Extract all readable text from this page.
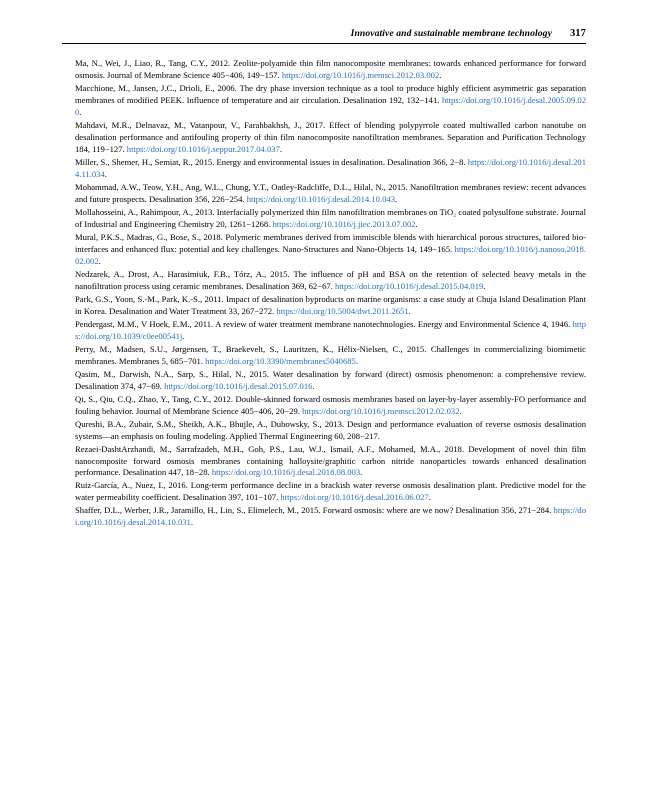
Innovative and sustainable membrane technology 317

Ma, N., Wei, J., Liao, R., Tang, C.Y., 2012. Zeolite-polyamide thin film nanocomposite membranes: towards enhanced performance for forward osmosis. Journal of Membrane Science 405−406, 149−157. https://doi.org/10.1016/j.memsci.2012.03.002.

Macchione, M., Jansen, J.C., Drioli, E., 2006. The dry phase inversion technique as a tool to produce highly efficient asymmetric gas separation membranes of modified PEEK. Influence of temperature and air circulation. Desalination 192, 132−141. https://doi.org/10.1016/j.desal.2005.09.020.

Mahdavi, M.R., Delnavaz, M., Vatanpour, V., Farahbakhsh, J., 2017. Effect of blending polypyrrole coated multiwalled carbon nanotube on desalination performance and antifouling property of thin film nanocomposite nanofiltration membranes. Separation and Purification Technology 184, 119−127. https://doi.org/10.1016/j.seppur.2017.04.037.

Miller, S., Shemer, H., Semiat, R., 2015. Energy and environmental issues in desalination. Desalination 366, 2−8. https://doi.org/10.1016/j.desal.2014.11.034.

Mohammad, A.W., Teow, Y.H., Ang, W.L., Chung, Y.T., Oatley-Radcliffe, D.L., Hilal, N., 2015. Nanofiltration membranes review: recent advances and future prospects. Desalination 356, 226−254. https://doi.org/10.1016/j.desal.2014.10.043.

Mollahosseini, A., Rahimpour, A., 2013. Interfacially polymerized thin film nanofiltration membranes on TiO₂ coated polysulfone substrate. Journal of Industrial and Engineering Chemistry 20, 1261−1268. https://doi.org/10.1016/j.jiec.2013.07.002.

Mural, P.K.S., Madras, G., Bose, S., 2018. Polymeric membranes derived from immiscible blends with hierarchical porous structures, tailored bio-interfaces and enhanced flux: potential and key challenges. Nano-Structures and Nano-Objects 14, 149−165. https://doi.org/10.1016/j.nanoso.2018.02.002.

Nedzarek, A., Drost, A., Harasimiuk, F.B., Tórz, A., 2015. The influence of pH and BSA on the retention of selected heavy metals in the nanofiltration process using ceramic membranes. Desalination 369, 62−67. https://doi.org/10.1016/j.desal.2015.04.019.

Park, G.S., Yoon, S.-M., Park, K.-S., 2011. Impact of desalination byproducts on marine organisms: a case study at Chuja Island Desalination Plant in Korea. Desalination and Water Treatment 33, 267−272. https://doi.org/10.5004/dwt.2011.2651.

Pendergast, M.M., V Hoek, E.M., 2011. A review of water treatment membrane nanotechnologies. Energy and Environmental Science 4, 1946. https://doi.org/10.1039/c0ee00541j.

Perry, M., Madsen, S.U., Jørgensen, T., Braekevelt, S., Lauritzen, K., Hélix-Nielsen, C., 2015. Challenges in commercializing biomimetic membranes. Membranes 5, 685−701. https://doi.org/10.3390/membranes5040685.

Qasim, M., Darwish, N.A., Sarp, S., Hilal, N., 2015. Water desalination by forward (direct) osmosis phenomenon: a comprehensive review. Desalination 374, 47−69. https://doi.org/10.1016/j.desal.2015.07.016.

Qi, S., Qiu, C.Q., Zhao, Y., Tang, C.Y., 2012. Double-skinned forward osmosis membranes based on layer-by-layer assembly-FO performance and fouling behavior. Journal of Membrane Science 405−406, 20−29. https://doi.org/10.1016/j.memsci.2012.02.032.

Qureshi, B.A., Zubair, S.M., Sheikh, A.K., Bhujle, A., Dubowsky, S., 2013. Design and performance evaluation of reverse osmosis desalination systems—an emphasis on fouling modeling. Applied Thermal Engineering 60, 208−217.

Rezaei-DashtArzhandi, M., Sarrafzadeh, M.H., Goh, P.S., Lau, W.J., Ismail, A.F., Mohamed, M.A., 2018. Development of novel thin film nanocomposite forward osmosis membranes containing halloysite/graphitic carbon nitride nanoparticles towards enhanced desalination performance. Desalination 447, 18−28. https://doi.org/10.1016/j.desal.2018.08.003.

Ruiz-García, A., Nuez, I., 2016. Long-term performance decline in a brackish water reverse osmosis desalination plant. Predictive model for the water permeability coefficient. Desalination 397, 101−107. https://doi.org/10.1016/j.desal.2016.06.027.

Shaffer, D.L., Werber, J.R., Jaramillo, H., Lin, S., Elimelech, M., 2015. Forward osmosis: where are we now? Desalination 356, 271−284. https://doi.org/10.1016/j.desal.2014.10.031.
